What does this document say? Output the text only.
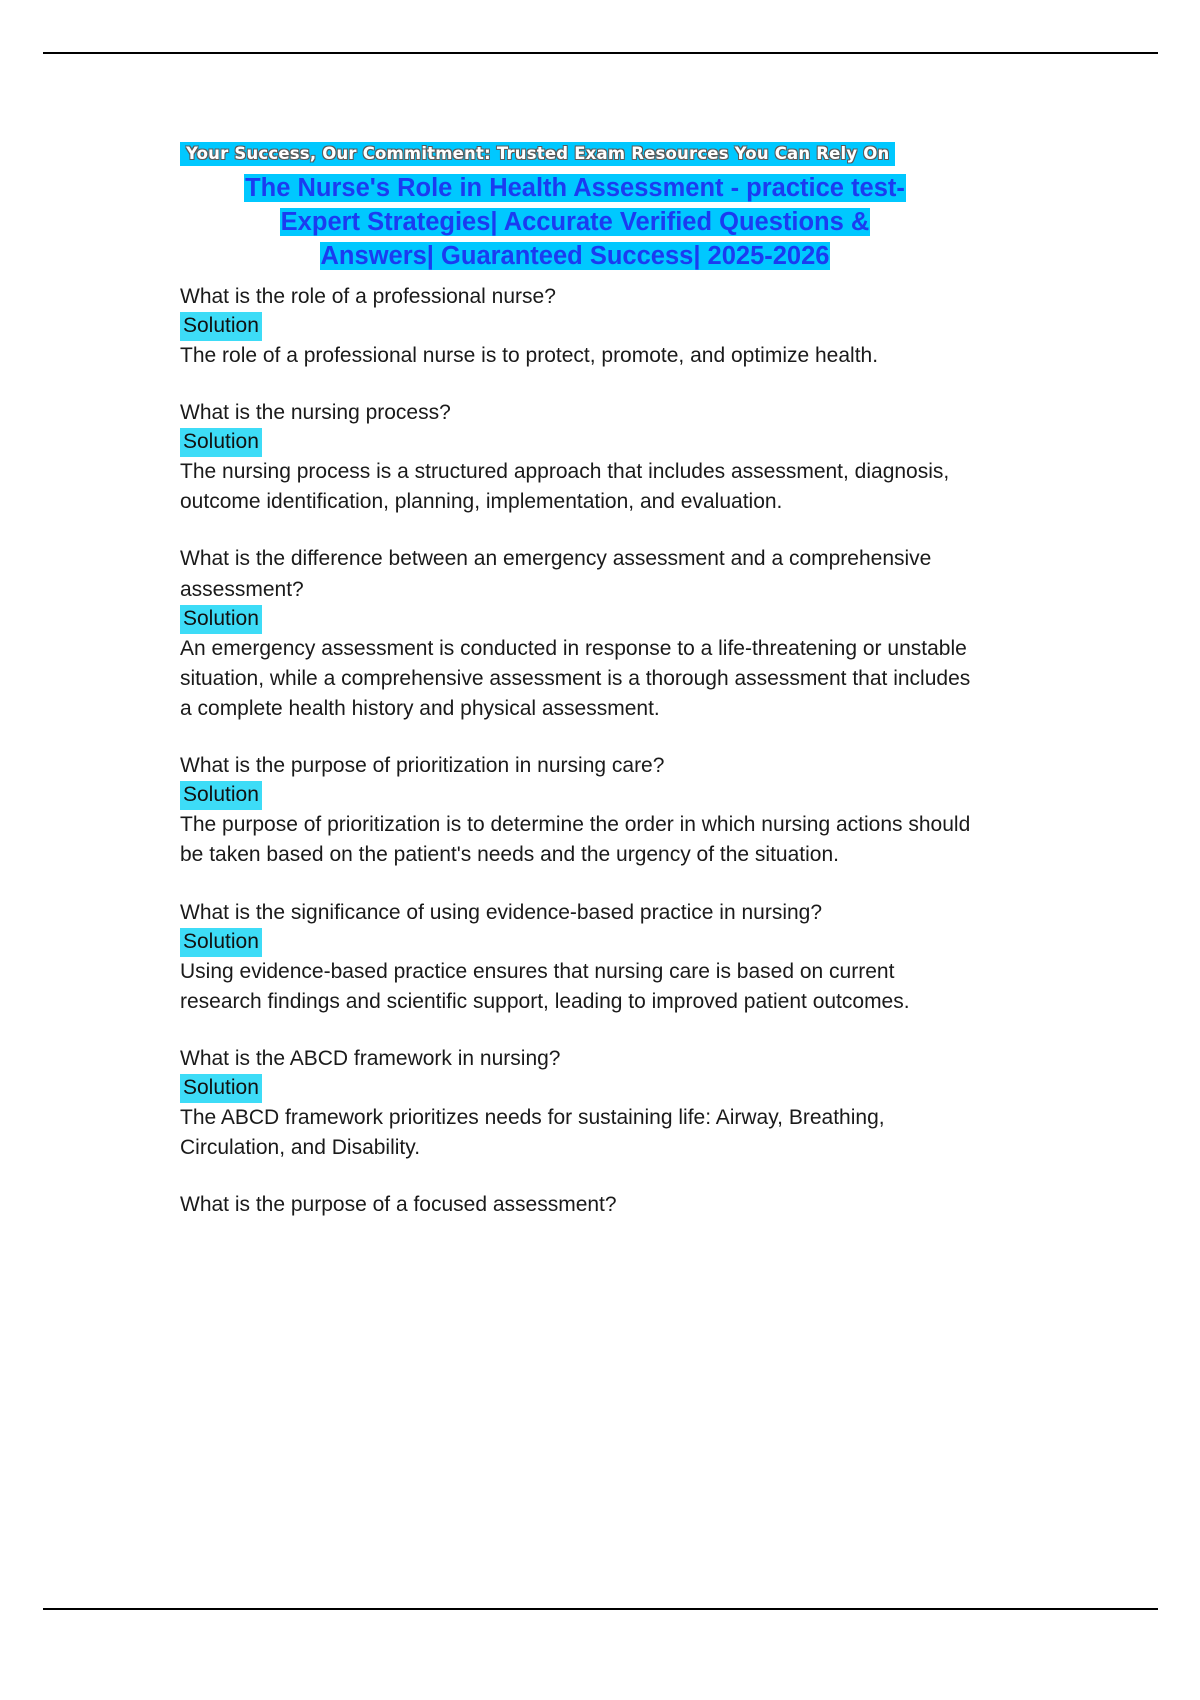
Your Success, Our Commitment: Trusted Exam Resources You Can Rely On
The Nurse's Role in Health Assessment - practice test-
Expert Strategies| Accurate Verified Questions &
Answers| Guaranteed Success| 2025-2026
What is the role of a professional nurse?
Solution
The role of a professional nurse is to protect, promote, and optimize health.
What is the nursing process?
Solution
The nursing process is a structured approach that includes assessment, diagnosis, outcome identification, planning, implementation, and evaluation.
What is the difference between an emergency assessment and a comprehensive assessment?
Solution
An emergency assessment is conducted in response to a life-threatening or unstable situation, while a comprehensive assessment is a thorough assessment that includes a complete health history and physical assessment.
What is the purpose of prioritization in nursing care?
Solution
The purpose of prioritization is to determine the order in which nursing actions should be taken based on the patient's needs and the urgency of the situation.
What is the significance of using evidence-based practice in nursing?
Solution
Using evidence-based practice ensures that nursing care is based on current research findings and scientific support, leading to improved patient outcomes.
What is the ABCD framework in nursing?
Solution
The ABCD framework prioritizes needs for sustaining life: Airway, Breathing, Circulation, and Disability.
What is the purpose of a focused assessment?
